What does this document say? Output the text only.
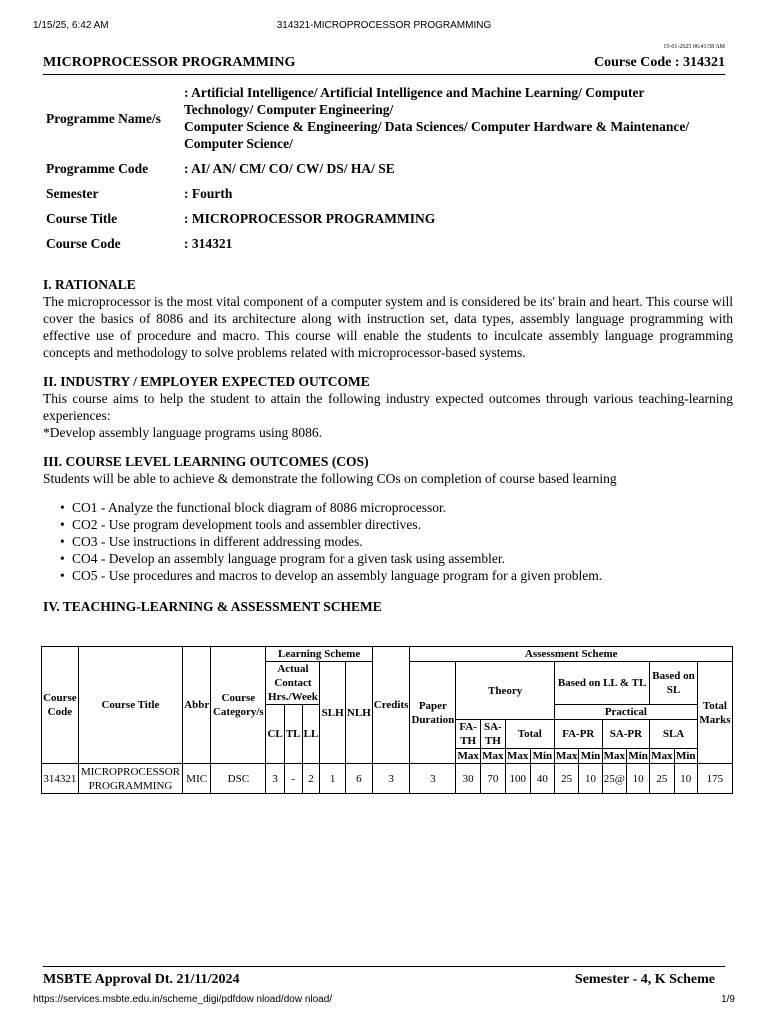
1/15/25, 6:42 AM	314321-MICROPROCESSOR PROGRAMMING
15-01-2025 06:41:58 AM
MICROPROCESSOR PROGRAMMING	Course Code : 314321
Programme Name/s	: Artificial Intelligence/ Artificial Intelligence and Machine Learning/ Computer
Technology/ Computer Engineering/
Computer Science & Engineering/ Data Sciences/ Computer Hardware & Maintenance/
Computer Science/

Programme Code	: AI/ AN/ CM/ CO/ CW/ DS/ HA/ SE
Semester	: Fourth
Course Title	: MICROPROCESSOR PROGRAMMING
Course Code	: 314321
I. RATIONALE

The microprocessor is the most vital component of a computer system and is considered be its' brain and heart. This course will cover the basics of 8086 and its architecture along with instruction set, data types, assembly language programming with effective use of procedure and macro. This course will enable the students to inculcate assembly language programming concepts and methodology to solve problems related with microprocessor-based systems.

II. INDUSTRY / EMPLOYER EXPECTED OUTCOME

This course aims to help the student to attain the following industry expected outcomes through various teaching-learning experiences:

*Develop assembly language programs using 8086.

III. COURSE LEVEL LEARNING OUTCOMES (COS)

Students will be able to achieve & demonstrate the following COs on completion of course based learning

• CO1 - Analyze the functional block diagram of 8086 microprocessor.
• CO2 - Use program development tools and assembler directives.
• CO3 - Use instructions in different addressing modes.
• CO4 - Develop an assembly language program for a given task using assembler.
• CO5 - Use procedures and macros to develop an assembly language program for a given problem.
IV. TEACHING-LEARNING & ASSESSMENT SCHEME
Course Code	Course Title	Abbr	Course Category/s	Learning Scheme					Credits	Assessment Scheme											
				Actual Contact Hrs./Week			SLH	NLH		Paper Duration	Theory				Based on LL & TL				Based on SL		Total Marks
				CL	TL	LL									Practical						
											FA-TH	SA-TH	Total		FA-PR		SA-PR		SLA		
											Max	Max	Max	Min	Max	Min	Max	Min	Max	Min	
314321	MICROPROCESSOR PROGRAMMING	MIC	DSC	3	-	2	1	6	3	3	30	70	100	40	25	10	25@	10	25	10	175
MSBTE Approval Dt. 21/11/2024	Semester - 4, K Scheme
https://services.msbte.edu.in/scheme_digi/pdfdow nload/dow nload/	1/9
